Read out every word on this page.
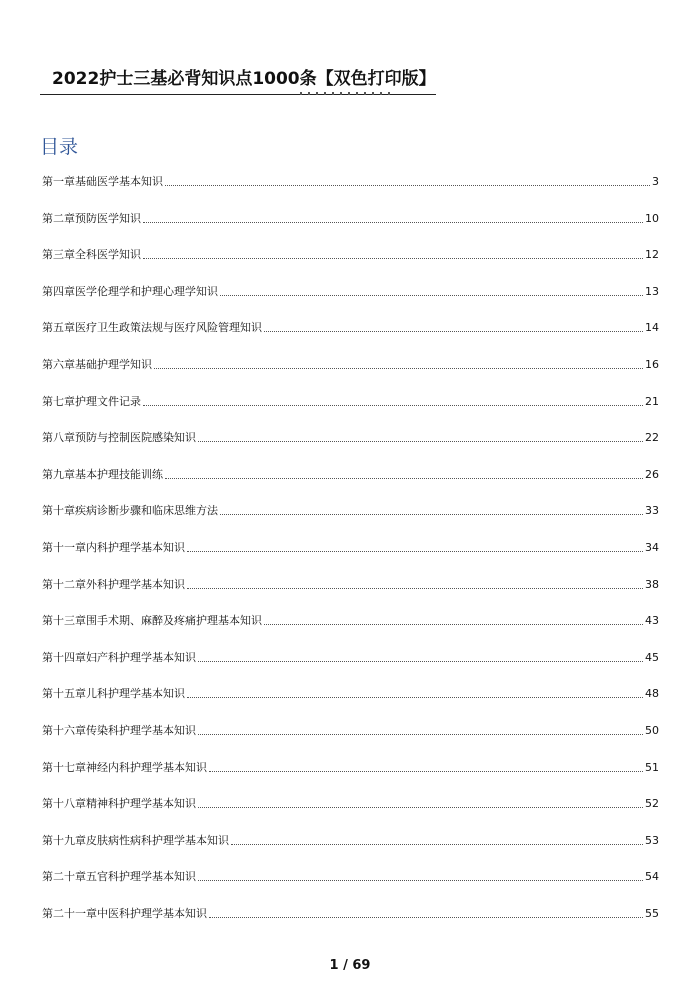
2022护士三基必背知识点1000条【双色打印版】
目录
第一章基础医学基本知识	3
第二章预防医学知识	10
第三章全科医学知识	12
第四章医学伦理学和护理心理学知识	13
第五章医疗卫生政策法规与医疗风险管理知识	14
第六章基础护理学知识	16
第七章护理文件记录	21
第八章预防与控制医院感染知识	22
第九章基本护理技能训练	26
第十章疾病诊断步骤和临床思维方法	33
第十一章内科护理学基本知识	34
第十二章外科护理学基本知识	38
第十三章围手术期、麻醉及疼痛护理基本知识	43
第十四章妇产科护理学基本知识	45
第十五章儿科护理学基本知识	48
第十六章传染科护理学基本知识	50
第十七章神经内科护理学基本知识	51
第十八章精神科护理学基本知识	52
第十九章皮肤病性病科护理学基本知识	53
第二十章五官科护理学基本知识	54
第二十一章中医科护理学基本知识	55
1 / 69
